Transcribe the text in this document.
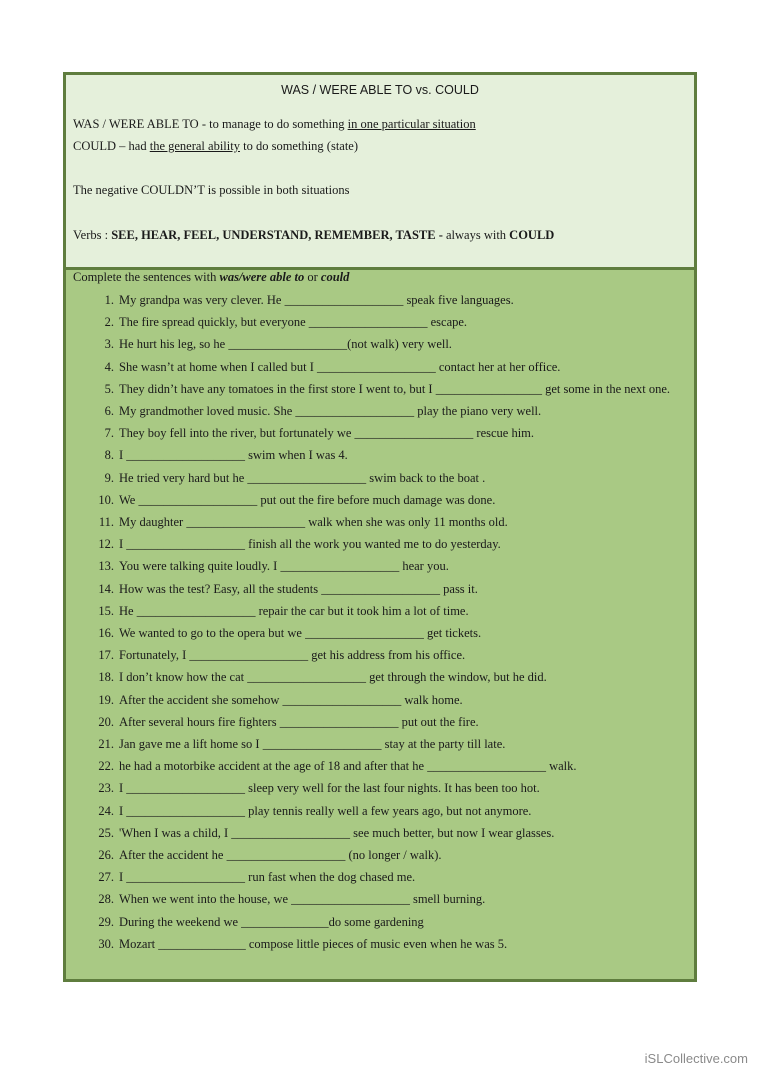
WAS / WERE ABLE TO vs. COULD
WAS / WERE ABLE TO - to manage to do something in one particular situation
COULD – had the general ability to do something (state)
The negative COULDN’T is possible in both situations
Verbs : SEE, HEAR, FEEL, UNDERSTAND, REMEMBER, TASTE - always with COULD
Complete the sentences with was/were able to or could
1. My grandpa was very clever. He ___________________ speak five languages.
2. The fire spread quickly, but everyone ___________________ escape.
3. He hurt his leg, so he ___________________(not walk) very well.
4. She wasn’t at home when I called but I ___________________ contact her at her office.
5. They didn’t have any tomatoes in the first store I went to, but I _________________ get some in the next one.
6. My grandmother loved music. She ___________________ play the piano very well.
7. They boy fell into the river, but fortunately we ___________________ rescue him.
8. I ___________________ swim when I was 4.
9. He tried very hard but he ___________________ swim back to the boat .
10. We ___________________ put out the fire before much damage was done.
11. My daughter ___________________ walk when she was only 11 months old.
12. I ___________________ finish all the work you wanted me to do yesterday.
13. You were talking quite loudly. I ___________________ hear you.
14. How was the test? Easy, all the students ___________________ pass it.
15. He ___________________ repair the car but it took him a lot of time.
16. We wanted to go to the opera but we ___________________ get tickets.
17. Fortunately, I ___________________ get his address from his office.
18. I don’t know how the cat ___________________ get through the window, but he did.
19. After the accident she somehow ___________________ walk home.
20. After several hours fire fighters ___________________ put out the fire.
21. Jan gave me a lift home so I ___________________ stay at the party till late.
22. he had a motorbike accident at the age of 18 and after that he ___________________ walk.
23. I ___________________ sleep very well for the last four nights. It has been too hot.
24. I ___________________ play tennis really well a few years ago, but not anymore.
25. 'When I was a child, I ___________________ see much better, but now I wear glasses.
26. After the accident he ___________________ (no longer / walk).
27. I ___________________ run fast when the dog chased me.
28. When we went into the house, we ___________________ smell burning.
29. During the weekend we ______________do some gardening
30. Mozart ______________ compose little pieces of music even when he was 5.
iSLCollective.com
